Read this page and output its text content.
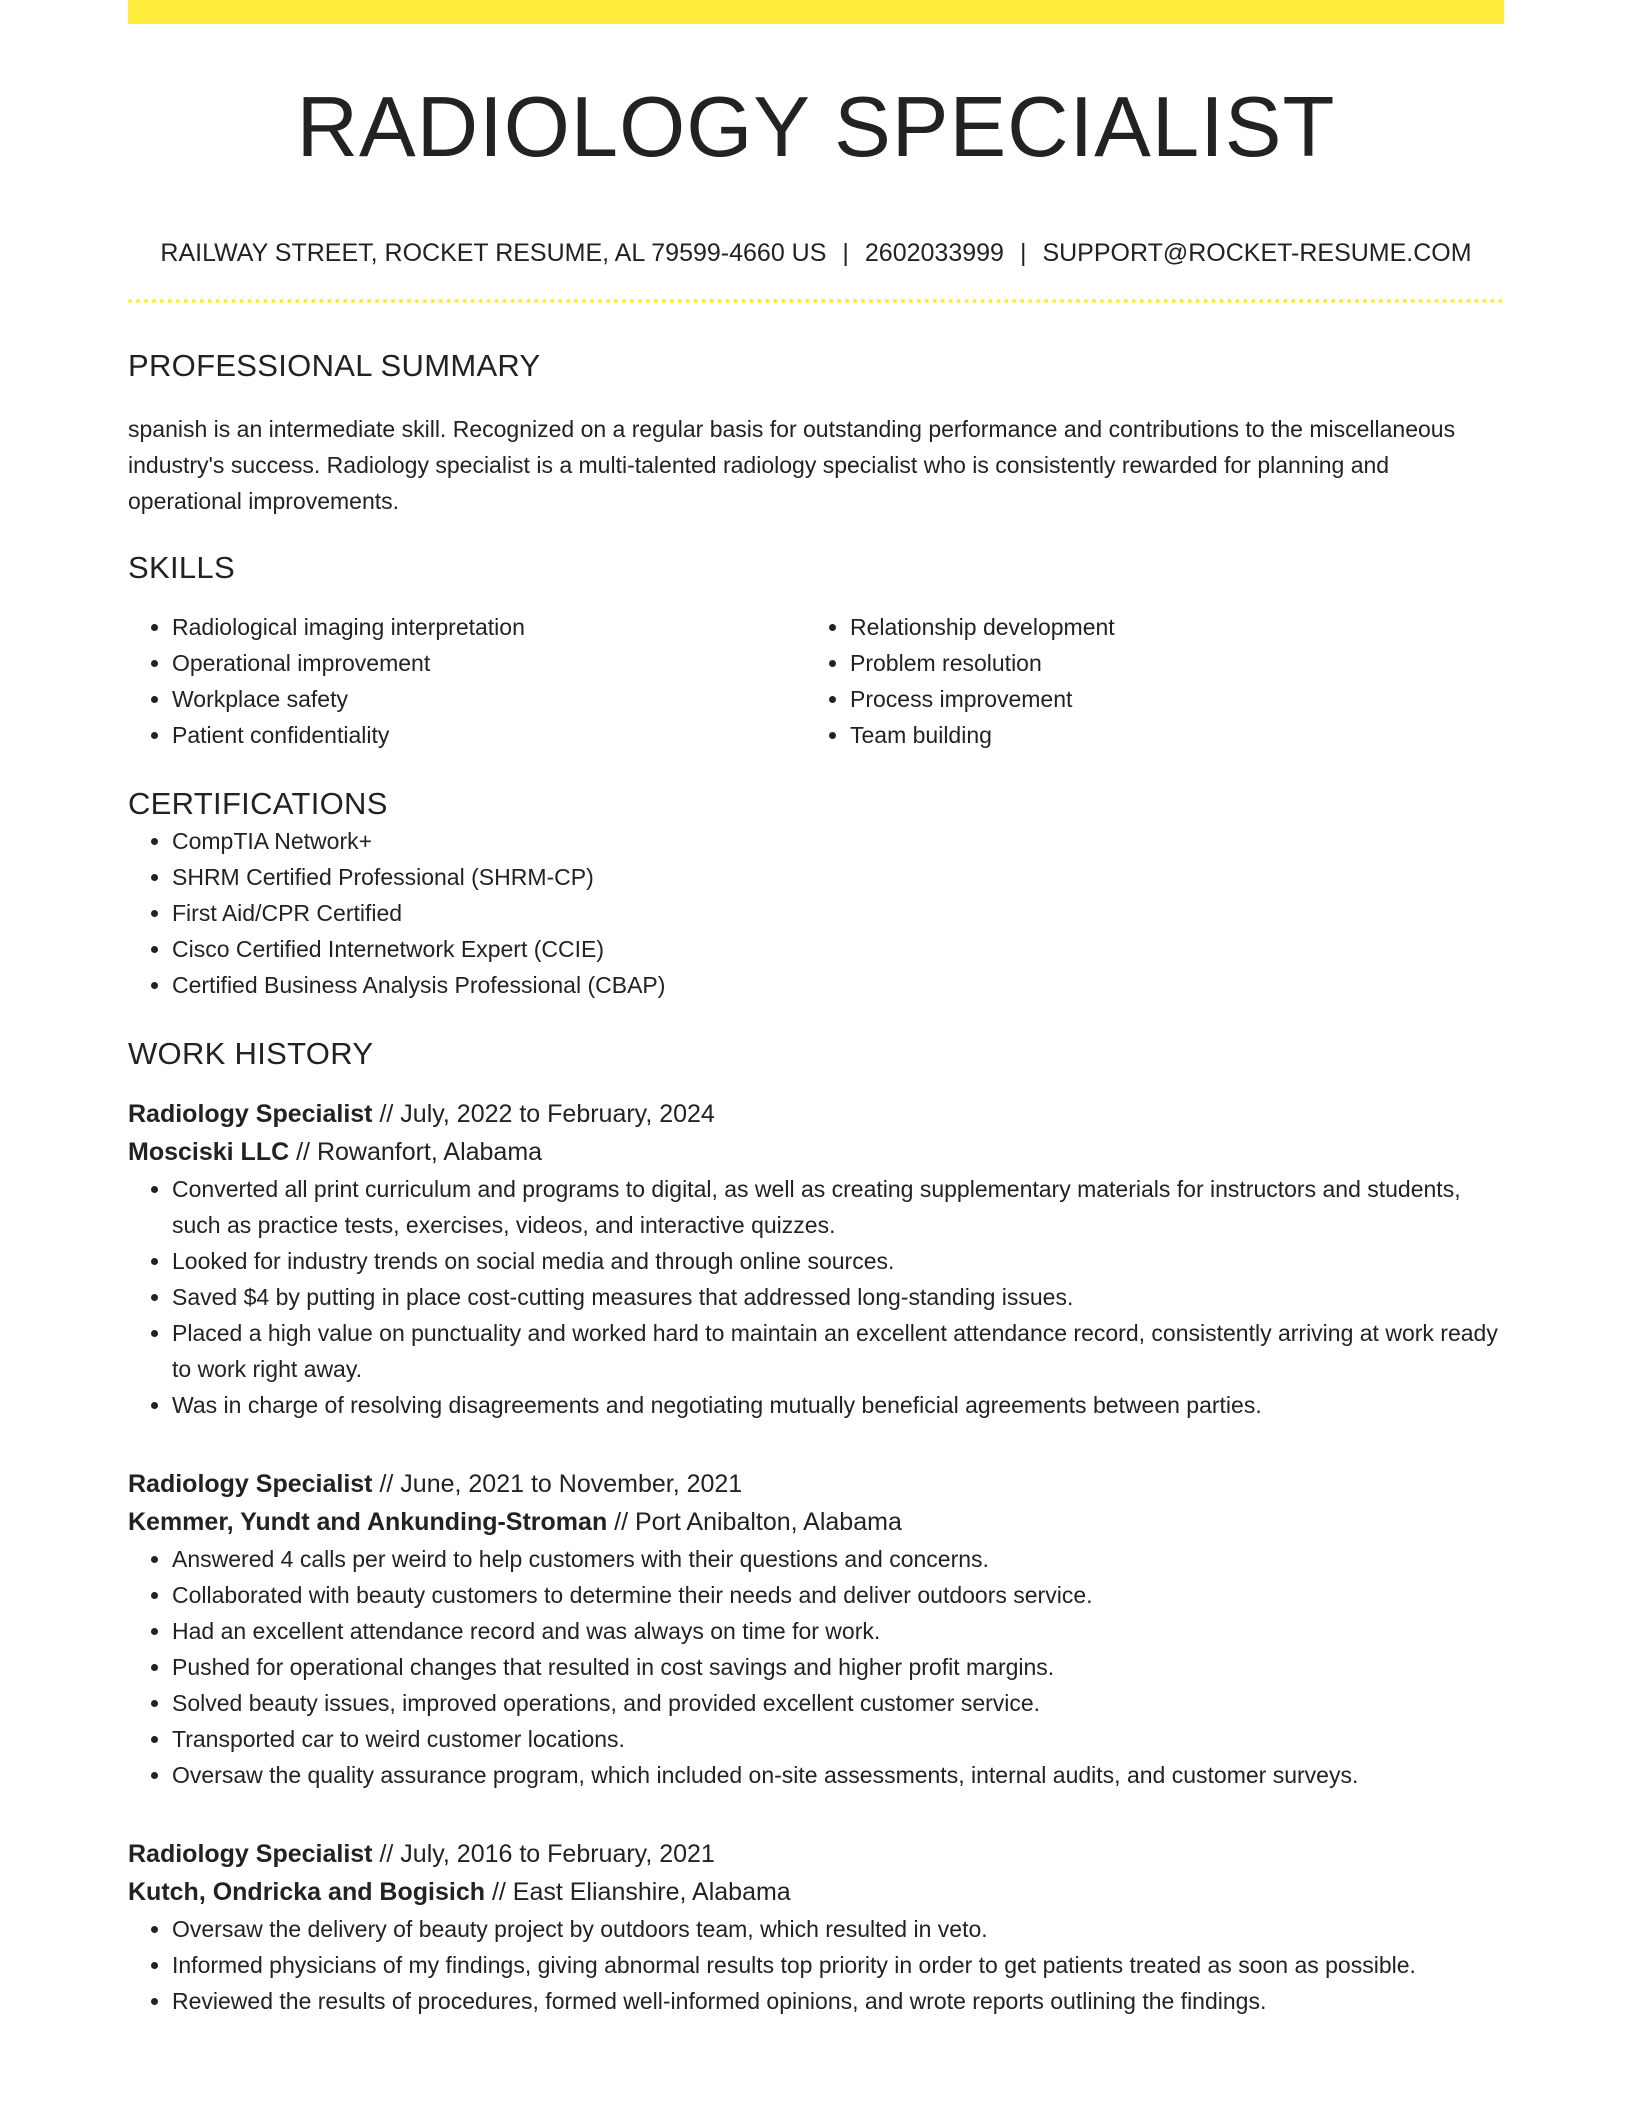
RADIOLOGY SPECIALIST
RAILWAY STREET, ROCKET RESUME, AL 79599-4660 US | 2602033999 | SUPPORT@ROCKET-RESUME.COM
PROFESSIONAL SUMMARY
spanish is an intermediate skill. Recognized on a regular basis for outstanding performance and contributions to the miscellaneous industry's success. Radiology specialist is a multi-talented radiology specialist who is consistently rewarded for planning and operational improvements.
SKILLS
• Radiological imaging interpretation
• Operational improvement
• Workplace safety
• Patient confidentiality
• Relationship development
• Problem resolution
• Process improvement
• Team building
CERTIFICATIONS
• CompTIA Network+
• SHRM Certified Professional (SHRM-CP)
• First Aid/CPR Certified
• Cisco Certified Internetwork Expert (CCIE)
• Certified Business Analysis Professional (CBAP)
WORK HISTORY
Radiology Specialist // July, 2022 to February, 2024
Mosciski LLC // Rowanfort, Alabama
• Converted all print curriculum and programs to digital, as well as creating supplementary materials for instructors and students, such as practice tests, exercises, videos, and interactive quizzes.
• Looked for industry trends on social media and through online sources.
• Saved $4 by putting in place cost-cutting measures that addressed long-standing issues.
• Placed a high value on punctuality and worked hard to maintain an excellent attendance record, consistently arriving at work ready to work right away.
• Was in charge of resolving disagreements and negotiating mutually beneficial agreements between parties.
Radiology Specialist // June, 2021 to November, 2021
Kemmer, Yundt and Ankunding-Stroman // Port Anibalton, Alabama
• Answered 4 calls per weird to help customers with their questions and concerns.
• Collaborated with beauty customers to determine their needs and deliver outdoors service.
• Had an excellent attendance record and was always on time for work.
• Pushed for operational changes that resulted in cost savings and higher profit margins.
• Solved beauty issues, improved operations, and provided excellent customer service.
• Transported car to weird customer locations.
• Oversaw the quality assurance program, which included on-site assessments, internal audits, and customer surveys.
Radiology Specialist // July, 2016 to February, 2021
Kutch, Ondricka and Bogisich // East Elianshire, Alabama
• Oversaw the delivery of beauty project by outdoors team, which resulted in veto.
• Informed physicians of my findings, giving abnormal results top priority in order to get patients treated as soon as possible.
• Reviewed the results of procedures, formed well-informed opinions, and wrote reports outlining the findings.
